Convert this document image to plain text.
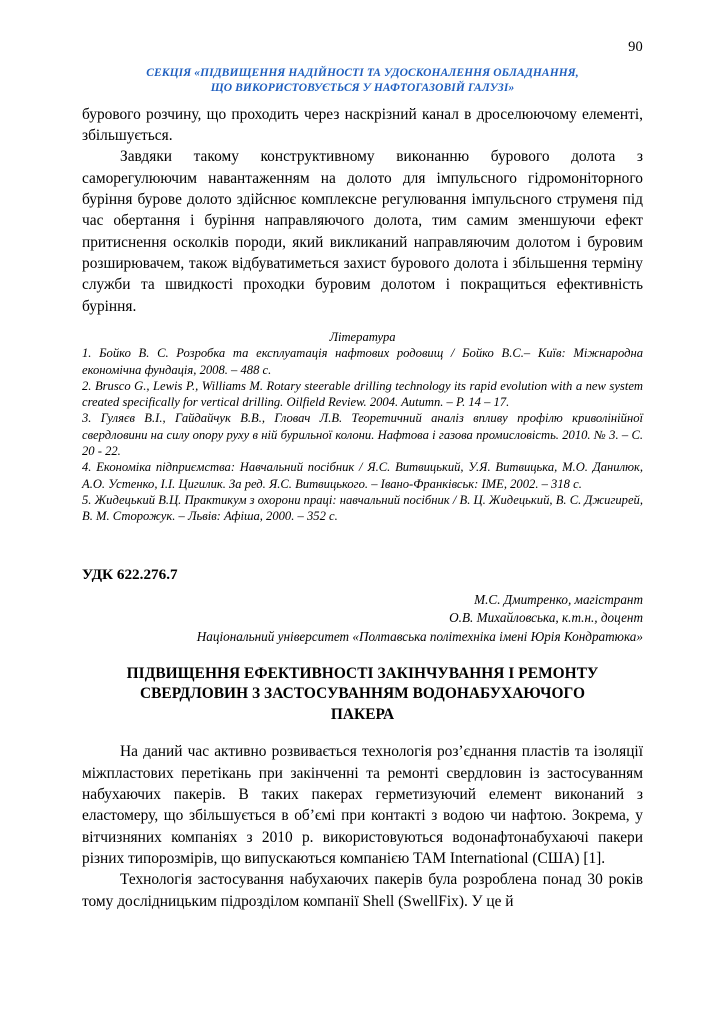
90
СЕКЦІЯ «ПІДВИЩЕННЯ НАДІЙНОСТІ ТА УДОСКОНАЛЕННЯ ОБЛАДНАННЯ,
ЩО ВИКОРИСТОВУЄТЬСЯ У НАФТОГАЗОВІЙ ГАЛУЗІ»

бурового розчину, що проходить через наскрізний канал в дроселюючому елементі, збільшується.

Завдяки такому конструктивному виконанню бурового долота з саморегулюючим навантаженням на долото для імпульсного гідромоніторного буріння бурове долото здійснює комплексне регулювання імпульсного струменя під час обертання і буріння направляючого долота, тим самим зменшуючи ефект притиснення осколків породи, який викликаний направляючим долотом і буровим розширювачем, також відбуватиметься захист бурового долота і збільшення терміну служби та швидкості проходки буровим долотом і покращиться ефективність буріння.

Література

1. Бойко В. С. Розробка та експлуатація нафтових родовищ / Бойко В.С.– Київ: Міжнародна економічна фундація, 2008. – 488 с.

2. Brusco G., Lewis P., Williams M. Rotary steerable drilling technology its rapid evolution with a new system created specifically for vertical drilling. Oilfield Review. 2004. Autumn. – P. 14 – 17.

3. Гуляєв В.І., Гайдайчук В.В., Гловач Л.В. Теоретичний аналіз впливу профілю криволінійної свердловини на силу опору руху в ній бурильної колони. Нафтова і газова промисловість. 2010. № 3. – С. 20 - 22.

4. Економіка підприємства: Навчальний посібник / Я.С. Витвицький, У.Я. Витвицька, М.О. Данилюк, А.О. Устенко, І.І. Цигилик. За ред. Я.С. Витвицького. – Івано-Франківськ: ІМЕ, 2002. – 318 с.

5. Жидецький В.Ц. Практикум з охорони праці: навчальний посібник / В. Ц. Жидецький, В. С. Джигирей, В. М. Сторожук. – Львів: Афіша, 2000. – 352 с.

УДК 622.276.7
М.С. Дмитренко, магістрант
О.В. Михайловська, к.т.н., доцент
Національний університет «Полтавська політехніка імені Юрія Кондратюка»
ПІДВИЩЕННЯ ЕФЕКТИВНОСТІ ЗАКІНЧУВАННЯ І РЕМОНТУ
СВЕРДЛОВИН З ЗАСТОСУВАННЯМ ВОДОНАБУХАЮЧОГО
ПАКЕРА

На даний час активно розвивається технологія роз’єднання пластів та ізоляції міжпластових перетікань при закінченні та ремонті свердловин із застосуванням набухаючих пакерів. В таких пакерах герметизуючий елемент виконаний з еластомеру, що збільшується в об’ємі при контакті з водою чи нафтою. Зокрема, у вітчизняних компаніях з 2010 р. використовуються водонафтонабухаючі пакери різних типорозмірів, що випускаються компанією TAM International (США) [1].

Технологія застосування набухаючих пакерів була розроблена понад 30 років тому дослідницьким підрозділом компанії Shell (SwellFix). У це й
